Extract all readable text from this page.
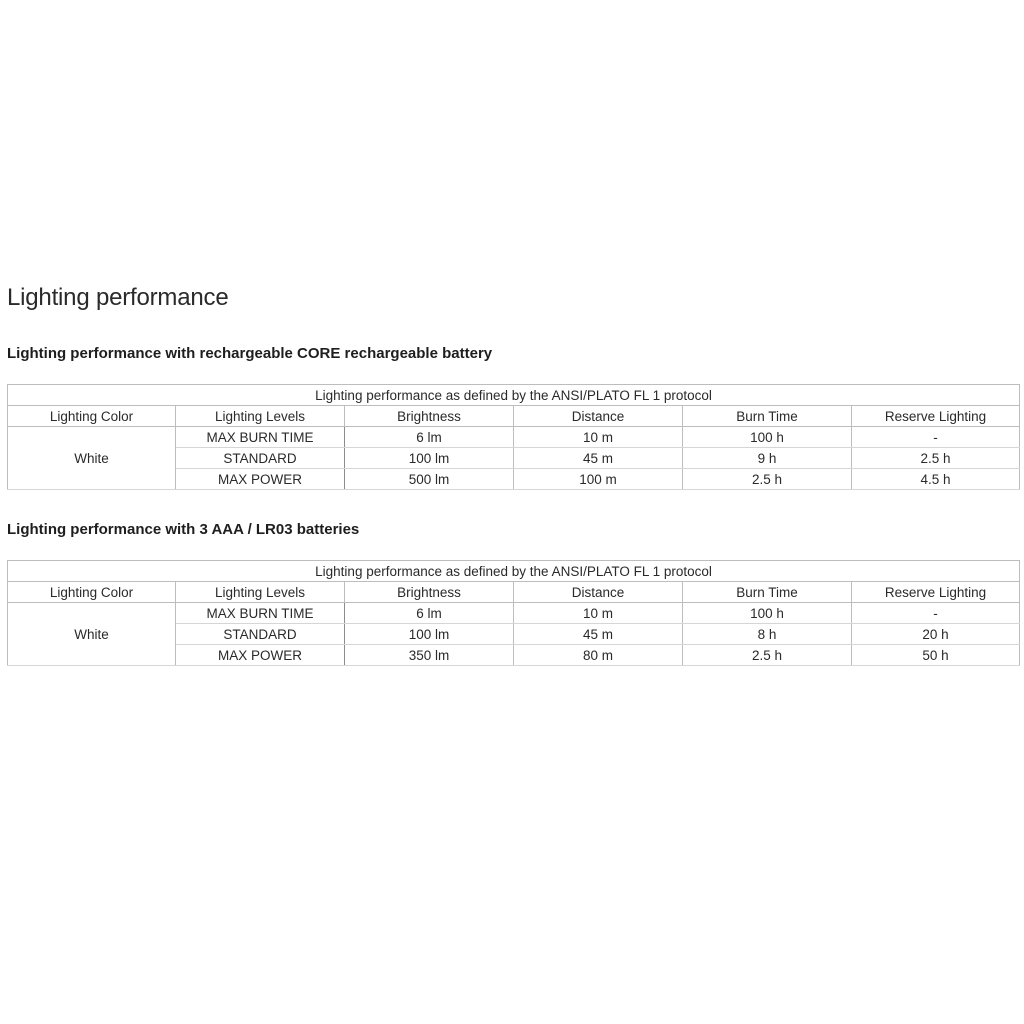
Lighting performance
Lighting performance with rechargeable CORE rechargeable battery
Lighting performance as defined by the ANSI/PLATO FL 1 protocol					
Lighting Color	Lighting Levels	Brightness	Distance	Burn Time	Reserve Lighting
White	MAX BURN TIME	6 lm	10 m	100 h	-
	STANDARD	100 lm	45 m	9 h	2.5 h
	MAX POWER	500 lm	100 m	2.5 h	4.5 h
Lighting performance with 3 AAA / LR03 batteries
Lighting performance as defined by the ANSI/PLATO FL 1 protocol					
Lighting Color	Lighting Levels	Brightness	Distance	Burn Time	Reserve Lighting
White	MAX BURN TIME	6 lm	10 m	100 h	-
	STANDARD	100 lm	45 m	8 h	20 h
	MAX POWER	350 lm	80 m	2.5 h	50 h
